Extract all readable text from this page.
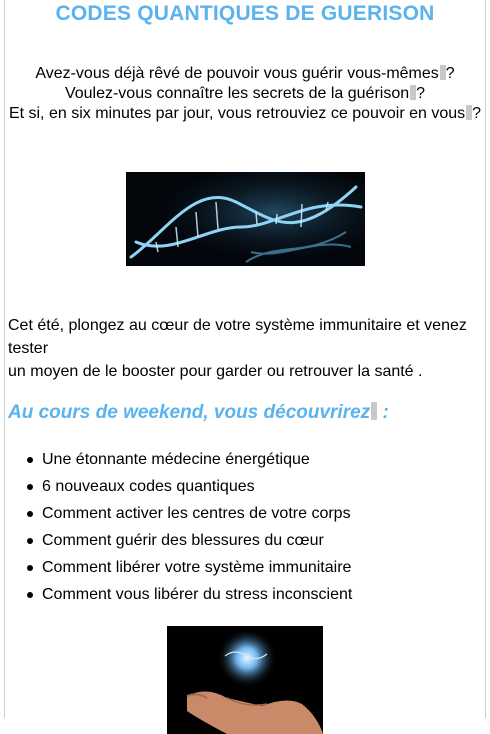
CODES QUANTIQUES DE GUERISON
Avez-vous déjà rêvé de pouvoir vous guérir vous-mêmes ?
Voulez-vous connaître les secrets de la guérison ?
Et si, en six minutes par jour, vous retrouviez ce pouvoir en vous ?
Cet été, plongez au cœur de votre système immunitaire et venez tester
un moyen de le booster pour garder ou retrouver la santé .
Au cours de weekend, vous découvrirez :
Une étonnante médecine énergétique
6 nouveaux codes quantiques
Comment activer les centres de votre corps
Comment guérir des blessures du cœur
Comment libérer votre système immunitaire
Comment vous libérer du stress inconscient
